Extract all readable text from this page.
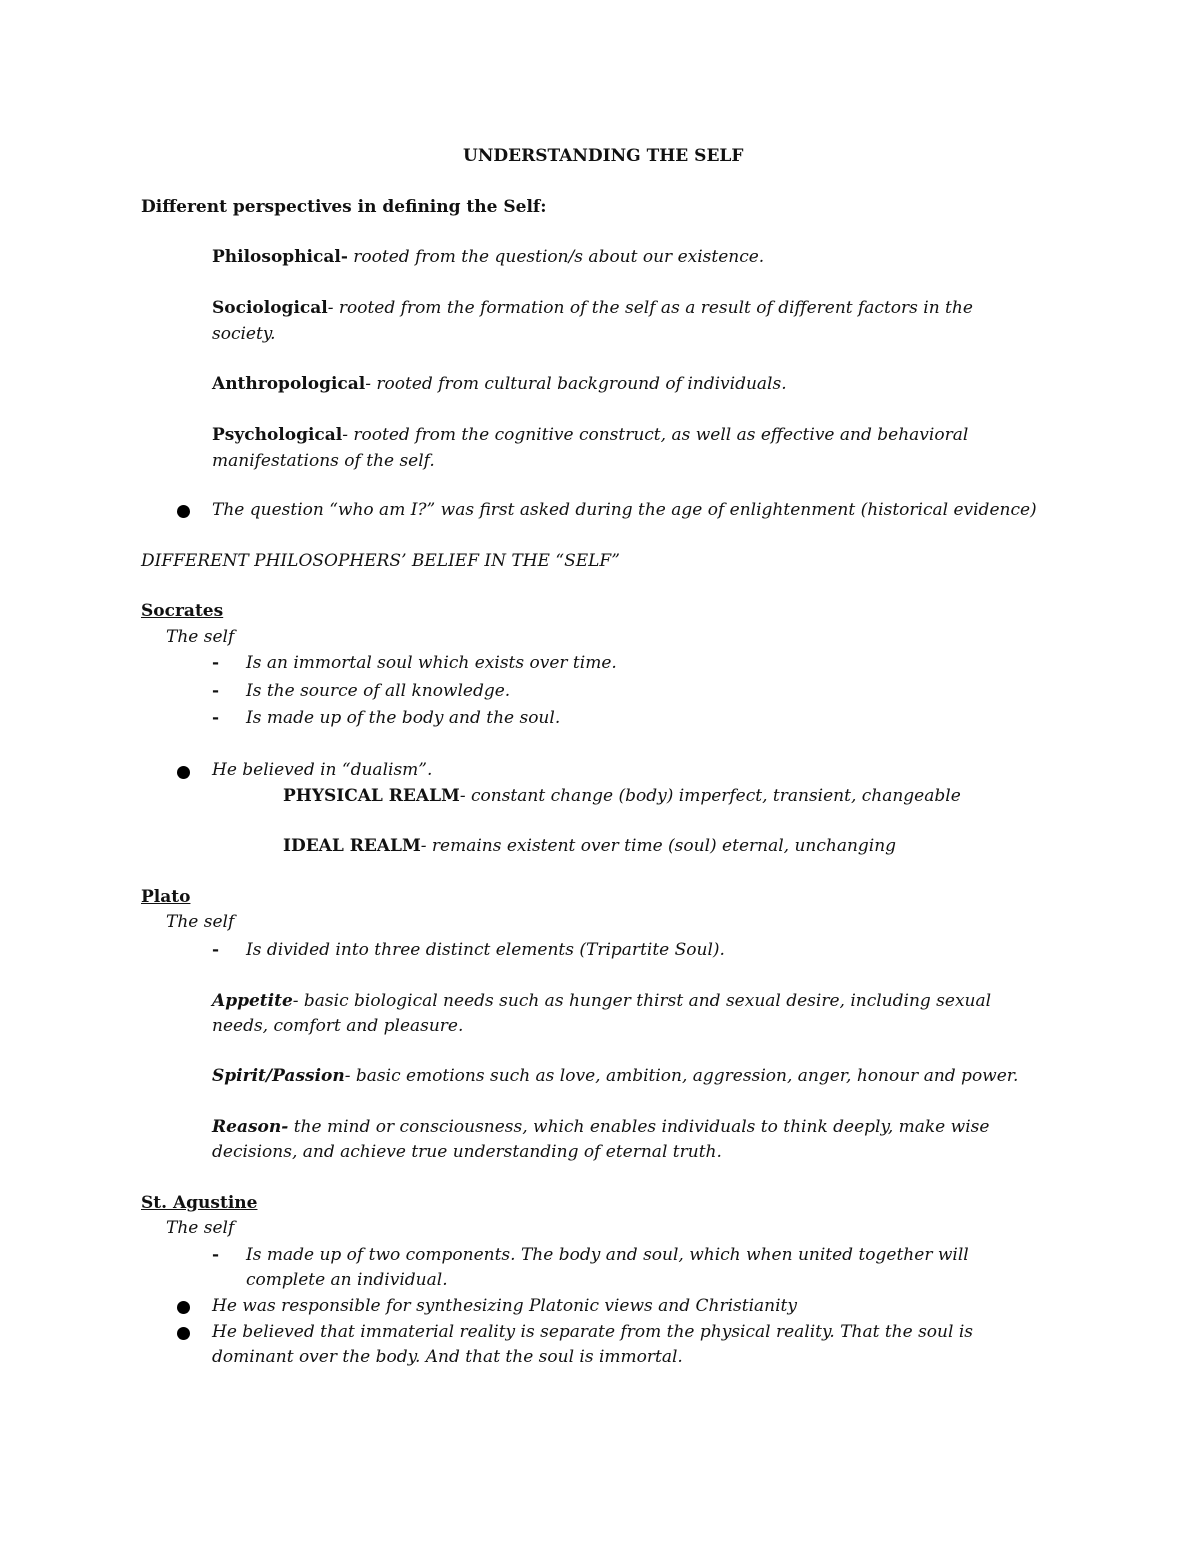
UNDERSTANDING THE SELF
Different perspectives in defining the Self:
Philosophical- rooted from the question/s about our existence.
Sociological- rooted from the formation of the self as a result of different factors in the
society.
Anthropological- rooted from cultural background of individuals.
Psychological- rooted from the cognitive construct, as well as effective and behavioral
manifestations of the self.
The question “who am I?” was first asked during the age of enlightenment (historical evidence)
DIFFERENT PHILOSOPHERS’ BELIEF IN THE “SELF”
Socrates
The self
- Is an immortal soul which exists over time.
- Is the source of all knowledge.
- Is made up of the body and the soul.
He believed in “dualism”.
PHYSICAL REALM- constant change (body) imperfect, transient, changeable
IDEAL REALM- remains existent over time (soul) eternal, unchanging
Plato
The self
- Is divided into three distinct elements (Tripartite Soul).
Appetite- basic biological needs such as hunger thirst and sexual desire, including sexual
needs, comfort and pleasure.
Spirit/Passion- basic emotions such as love, ambition, aggression, anger, honour and power.
Reason- the mind or consciousness, which enables individuals to think deeply, make wise
decisions, and achieve true understanding of eternal truth.
St. Agustine
The self
- Is made up of two components. The body and soul, which when united together will
complete an individual.
He was responsible for synthesizing Platonic views and Christianity
He believed that immaterial reality is separate from the physical reality. That the soul is
dominant over the body. And that the soul is immortal.
